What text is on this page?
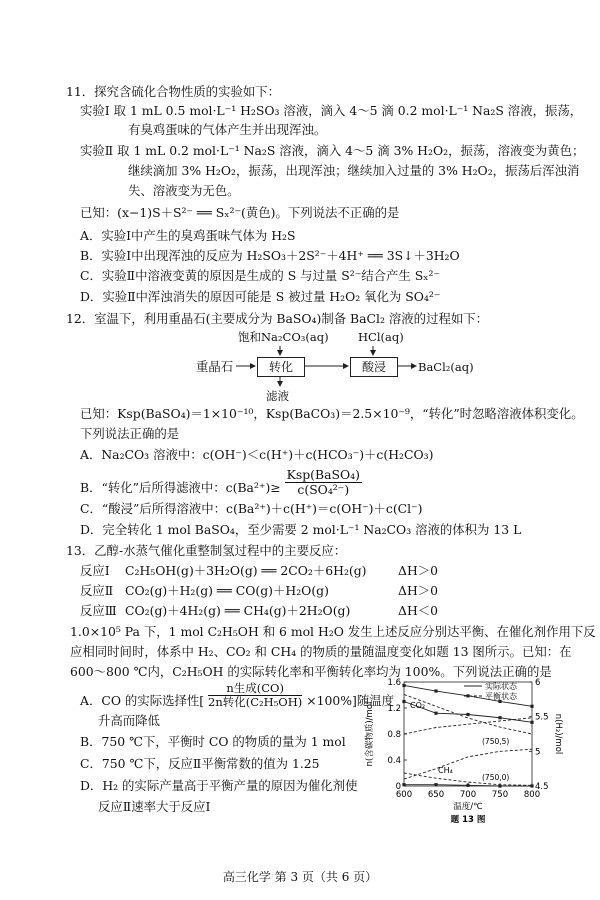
11．探究含硫化合物性质的实验如下：
实验Ⅰ 取 1 mL 0.5 mol·L⁻¹ H₂SO₃ 溶液，滴入 4～5 滴 0.2 mol·L⁻¹ Na₂S 溶液，振荡，
有臭鸡蛋味的气体产生并出现浑浊。
实验Ⅱ 取 1 mL 0.2 mol·L⁻¹ Na₂S 溶液，滴入 4～5 滴 3% H₂O₂，振荡，溶液变为黄色；
继续滴加 3% H₂O₂，振荡，出现浑浊；继续加入过量的 3% H₂O₂，振荡后浑浊消
失、溶液变为无色。
已知：(x−1)S＋S²⁻ ══ Sₓ²⁻(黄色)。下列说法不正确的是
A．实验Ⅰ中产生的臭鸡蛋味气体为 H₂S
B．实验Ⅰ中出现浑浊的反应为 H₂SO₃＋2S²⁻＋4H⁺ ══ 3S↓＋3H₂O
C．实验Ⅱ中溶液变黄的原因是生成的 S 与过量 S²⁻结合产生 Sₓ²⁻
D．实验Ⅱ中浑浊消失的原因可能是 S 被过量 H₂O₂ 氧化为 SO₄²⁻
12．室温下，利用重晶石(主要成分为 BaSO₄)制备 BaCl₂ 溶液的过程如下：
饱和Na₂CO₃(aq)	HCl(aq)
重晶石	转化	酸浸	BaCl₂(aq)
滤液
已知：Ksp(BaSO₄)＝1×10⁻¹⁰，Ksp(BaCO₃)＝2.5×10⁻⁹，“转化”时忽略溶液体积变化。
下列说法正确的是
A．Na₂CO₃ 溶液中：c(OH⁻)＜c(H⁺)＋c(HCO₃⁻)＋c(H₂CO₃)
B．“转化”后所得滤液中：c(Ba²⁺)≥
Ksp(BaSO₄)
c(SO₄²⁻)
C．“酸浸”后所得溶液中：c(Ba²⁺)＋c(H⁺)＝c(OH⁻)＋c(Cl⁻)
D．完全转化 1 mol BaSO₄，至少需要 2 mol·L⁻¹ Na₂CO₃ 溶液的体积为 13 L
13．乙醇-水蒸气催化重整制氢过程中的主要反应：
反应Ⅰ C₂H₅OH(g)＋3H₂O(g) ══ 2CO₂＋6H₂(g)	ΔH＞0
反应Ⅱ CO₂(g)＋H₂(g) ══ CO(g)＋H₂O(g)	ΔH＞0
反应Ⅲ CO₂(g)＋4H₂(g) ══ CH₄(g)＋2H₂O(g)	ΔH＜0
1.0×10⁵ Pa 下，1 mol C₂H₅OH 和 6 mol H₂O 发生上述反应分别达平衡、在催化剂作用下反
应相同时间时，体系中 H₂、CO₂ 和 CH₄ 的物质的量随温度变化如题 13 图所示。已知：在
600～800 ℃内，C₂H₅OH 的实际转化率和平衡转化率均为 100%。下列说法正确的是
A．CO 的实际选择性[
n生成(CO)
2n转化(C₂H₅OH) ×100%]随温度
升高而降低
B．750 ℃下，平衡时 CO 的物质的量为 1 mol
C．750 ℃下，反应Ⅱ平衡常数的值为 1.25
D．H₂ 的实际产量高于平衡产量的原因为催化剂使
反应Ⅱ速率大于反应Ⅰ
600 650 700 750 800
0
0.4
0.8
1.2
1.6
4.5
5
5.5
6
温度/℃
题 13 图
n(含碳物质)/mol	n(H₂)/mol
实际状态
平衡状态
CO₂
CH₄
(750,5)
(750,0)
高三化学 第 3 页（共 6 页）
